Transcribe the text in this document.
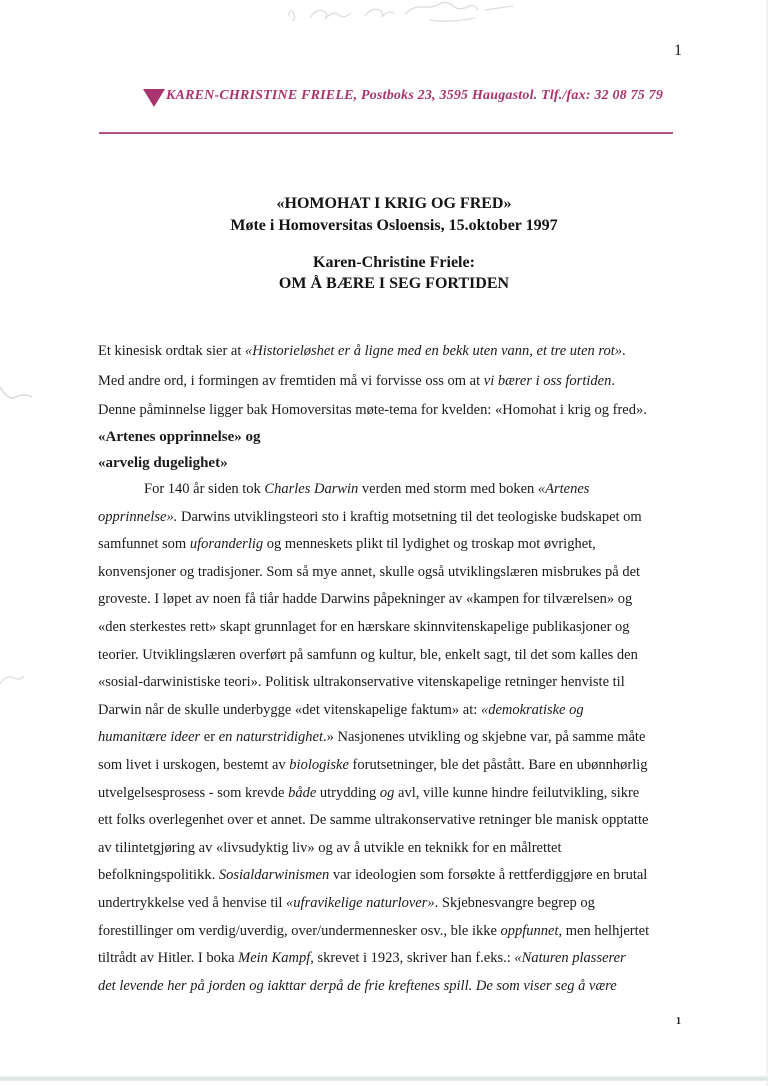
1
1
KAREN-CHRISTINE FRIELE, Postboks 23, 3595 Haugastol. Tlf./fax: 32 08 75 79
«HOMOHAT I KRIG OG FRED»
Møte i Homoversitas Osloensis, 15.oktober 1997
Karen-Christine Friele:
OM Å BÆRE I SEG FORTIDEN
Et kinesisk ordtak sier at «Historieløshet er å ligne med en bekk uten vann, et tre uten rot».
Med andre ord, i formingen av fremtiden må vi forvisse oss om at vi bærer i oss fortiden.
Denne påminnelse ligger bak Homoversitas møte-tema for kvelden: «Homohat i krig og fred».
«Artenes opprinnelse» og
«arvelig dugelighet»
For 140 år siden tok Charles Darwin verden med storm med boken «Artenes
opprinnelse». Darwins utviklingsteori sto i kraftig motsetning til det teologiske budskapet om
samfunnet som uforanderlig og menneskets plikt til lydighet og troskap mot øvrighet,
konvensjoner og tradisjoner. Som så mye annet, skulle også utviklingslæren misbrukes på det
groveste. I løpet av noen få tiår hadde Darwins påpekninger av «kampen for tilværelsen» og
«den sterkestes rett» skapt grunnlaget for en hærskare skinnvitenskapelige publikasjoner og
teorier. Utviklingslæren overført på samfunn og kultur, ble, enkelt sagt, til det som kalles den
«sosial-darwinistiske teori». Politisk ultrakonservative vitenskapelige retninger henviste til
Darwin når de skulle underbygge «det vitenskapelige faktum» at: «demokratiske og
humanitære ideer er en naturstridighet.» Nasjonenes utvikling og skjebne var, på samme måte
som livet i urskogen, bestemt av biologiske forutsetninger, ble det påstått. Bare en ubønnhørlig
utvelgelsesprosess - som krevde både utrydding og avl, ville kunne hindre feilutvikling, sikre
ett folks overlegenhet over et annet. De samme ultrakonservative retninger ble manisk opptatte
av tilintetgjøring av «livsudyktig liv» og av å utvikle en teknikk for en målrettet
befolkningspolitikk. Sosialdarwinismen var ideologien som forsøkte å rettferdiggjøre en brutal
undertrykkelse ved å henvise til «ufravikelige naturlover». Skjebnesvangre begrep og
forestillinger om verdig/uverdig, over/undermennesker osv., ble ikke oppfunnet, men helhjertet
tiltrådt av Hitler. I boka Mein Kampf, skrevet i 1923, skriver han f.eks.: «Naturen plasserer
det levende her på jorden og iakttar derpå de frie kreftenes spill. De som viser seg å være
